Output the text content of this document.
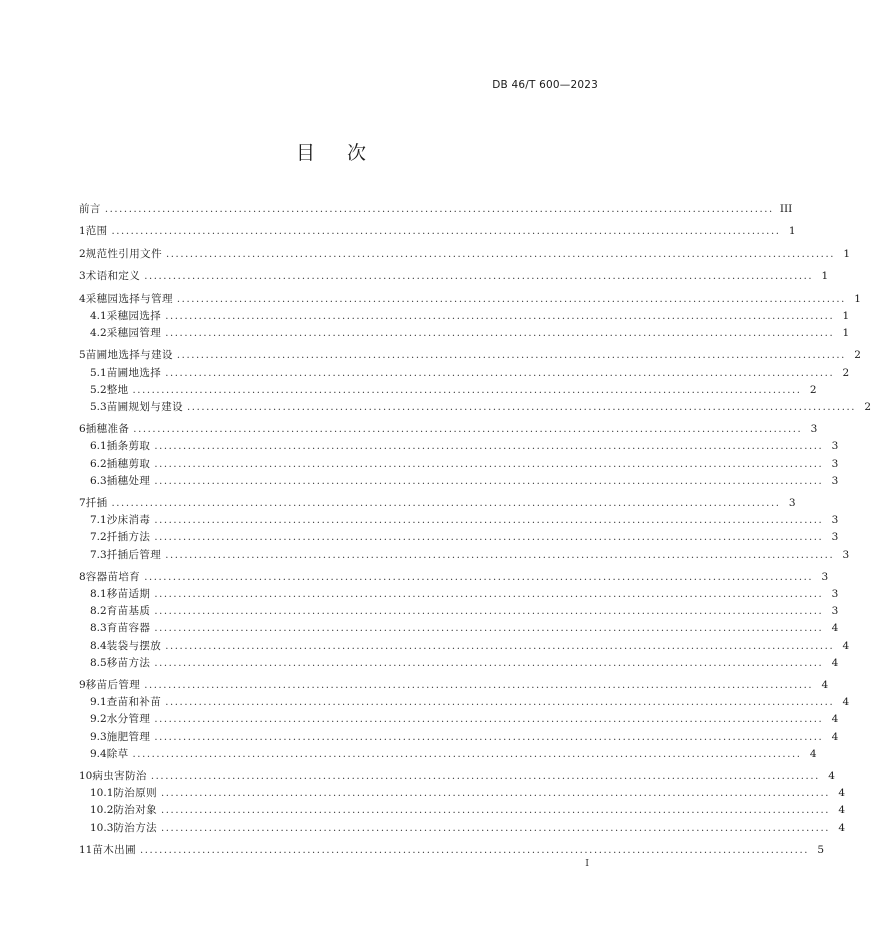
DB 46/T 600—2023
目次
前言 ............................................................................................................................................ III
1 范围 ............................................................................................................................................ 1
2 规范性引用文件 ............................................................................................................................................ 1
3 术语和定义 ............................................................................................................................................ 1
4 采穗园选择与管理 ............................................................................................................................................ 1
4.1 采穗园选择 ............................................................................................................................................ 1
4.2 采穗园管理 ............................................................................................................................................ 1
5 苗圃地选择与建设 ............................................................................................................................................ 2
5.1 苗圃地选择 ............................................................................................................................................ 2
5.2 整地 ............................................................................................................................................ 2
5.3 苗圃规划与建设 ............................................................................................................................................ 2
6 插穗准备 ............................................................................................................................................ 3
6.1 插条剪取 ............................................................................................................................................ 3
6.2 插穗剪取 ............................................................................................................................................ 3
6.3 插穗处理 ............................................................................................................................................ 3
7 扦插 ............................................................................................................................................ 3
7.1 沙床消毒 ............................................................................................................................................ 3
7.2 扦插方法 ............................................................................................................................................ 3
7.3 扦插后管理 ............................................................................................................................................ 3
8 容器苗培育 ............................................................................................................................................ 3
8.1 移苗适期 ............................................................................................................................................ 3
8.2 育苗基质 ............................................................................................................................................ 3
8.3 育苗容器 ............................................................................................................................................ 4
8.4 装袋与摆放 ............................................................................................................................................ 4
8.5 移苗方法 ............................................................................................................................................ 4
9 移苗后管理 ............................................................................................................................................ 4
9.1 查苗和补苗 ............................................................................................................................................ 4
9.2 水分管理 ............................................................................................................................................ 4
9.3 施肥管理 ............................................................................................................................................ 4
9.4 除草 ............................................................................................................................................ 4
10 病虫害防治 ............................................................................................................................................ 4
10.1 防治原则 ............................................................................................................................................ 4
10.2 防治对象 ............................................................................................................................................ 4
10.3 防治方法 ............................................................................................................................................ 4
11 苗木出圃 ............................................................................................................................................ 5
I
